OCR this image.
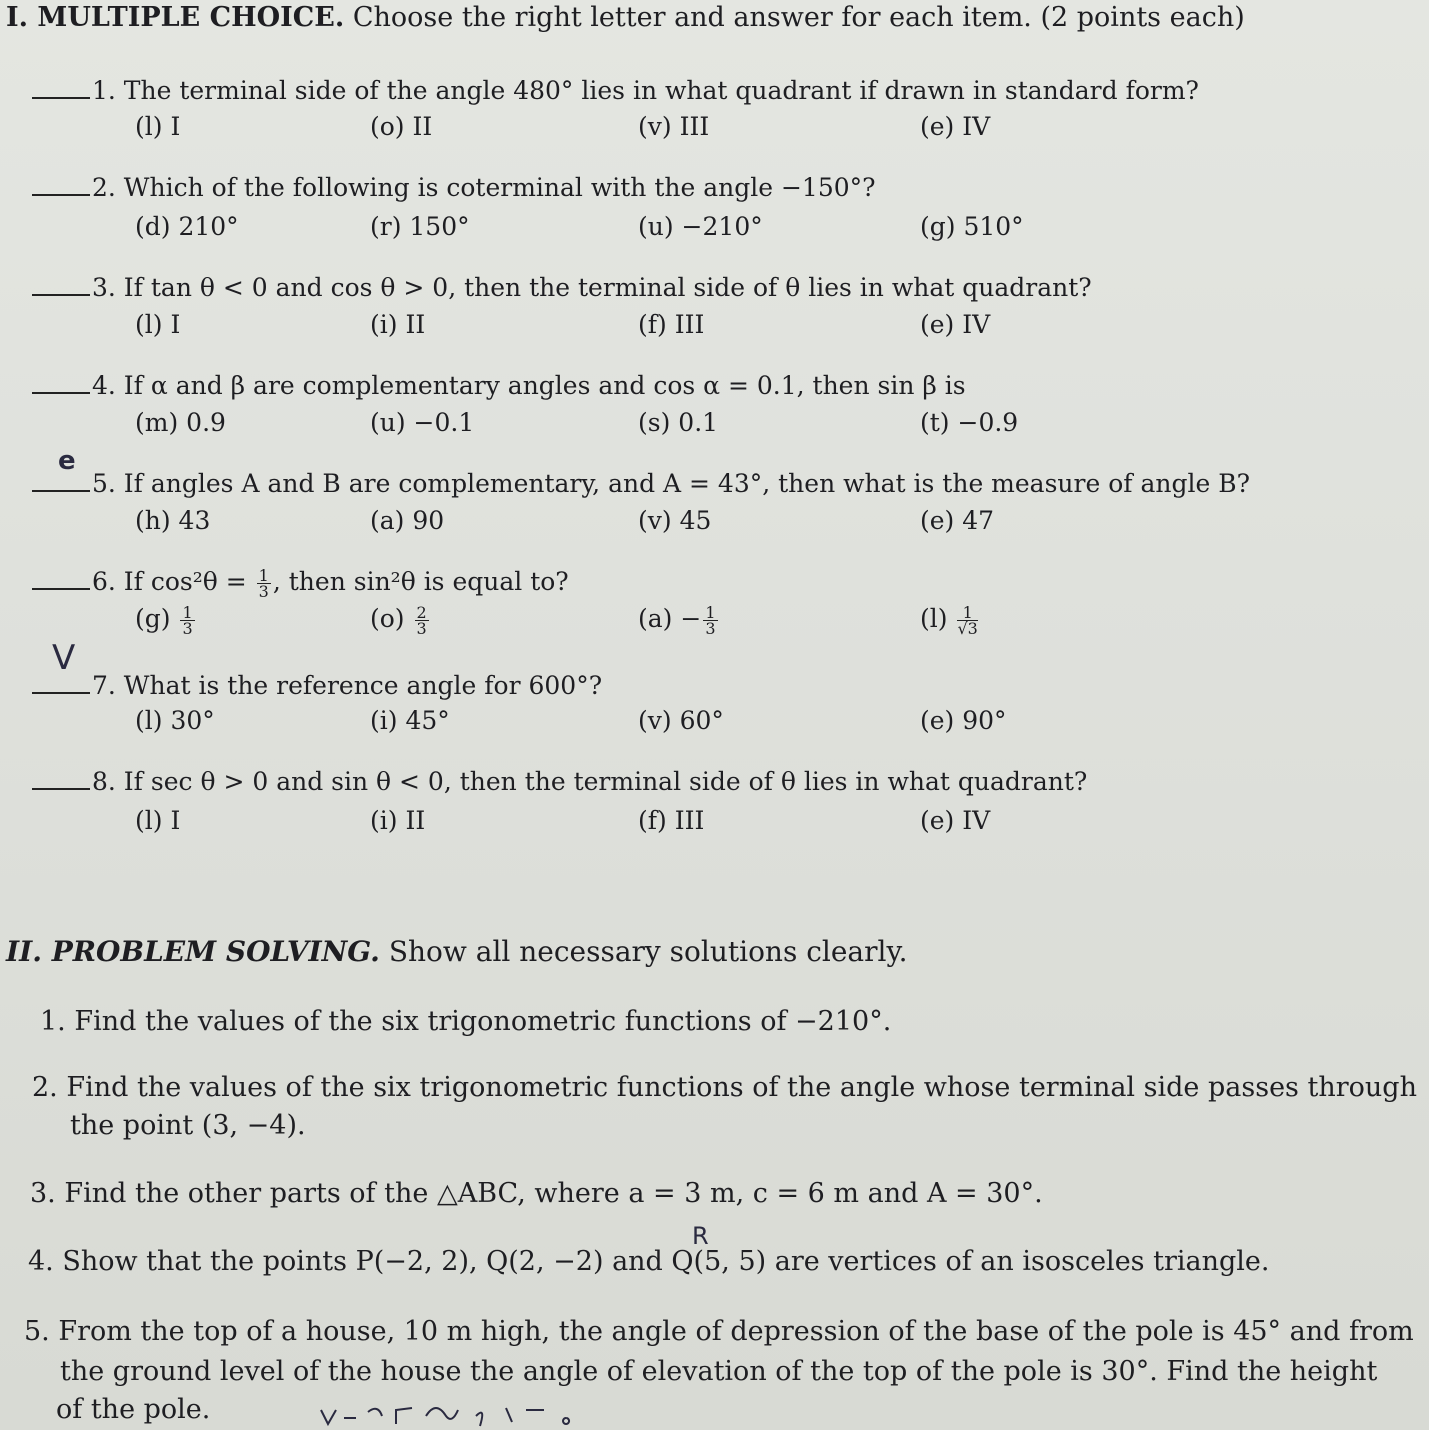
I. MULTIPLE CHOICE. Choose the right letter and answer for each item. (2 points each)
1. The terminal side of the angle 480° lies in what quadrant if drawn in standard form?
(l) I	(o) II	(v) III	(e) IV
2. Which of the following is coterminal with the angle −150°?
(d) 210°	(r) 150°	(u) −210°	(g) 510°
3. If tan θ < 0 and cos θ > 0, then the terminal side of θ lies in what quadrant?
(l) I	(i) II	(f) III	(e) IV
4. If α and β are complementary angles and cos α = 0.1, then sin β is
(m) 0.9	(u) −0.1	(s) 0.1	(t) −0.9
e
5. If angles A and B are complementary, and A = 43°, then what is the measure of angle B?
(h) 43	(a) 90	(v) 45	(e) 47
6. If $\cos^2\theta = \frac{1}{3}$ , then sin²θ is equal to?
$(g) \frac{1}{3}$	$(o) \frac{2}{3}$	$(a) - \frac{1}{3}$	$(l) \frac{1}{√3}$
V
7. What is the reference angle for 600°?
(l) 30°	(i) 45°	(v) 60°	(e) 90°
8. If sec θ > 0 and sin θ < 0, then the terminal side of θ lies in what quadrant?
(l) I	(i) II	(f) III	(e) IV
II. PROBLEM SOLVING. Show all necessary solutions clearly.
1. Find the values of the six trigonometric functions of −210°.
2. Find the values of the six trigonometric functions of the angle whose terminal side passes through
the point (3, −4).
3. Find the other parts of the △ABC, where a = 3 m, c = 6 m and A = 30°.
R
4. Show that the points P(−2, 2), Q(2, −2) and Q(5, 5) are vertices of an isosceles triangle.
5. From the top of a house, 10 m high, the angle of depression of the base of the pole is 45° and from
the ground level of the house the angle of elevation of the top of the pole is 30°. Find the height
of the pole.
